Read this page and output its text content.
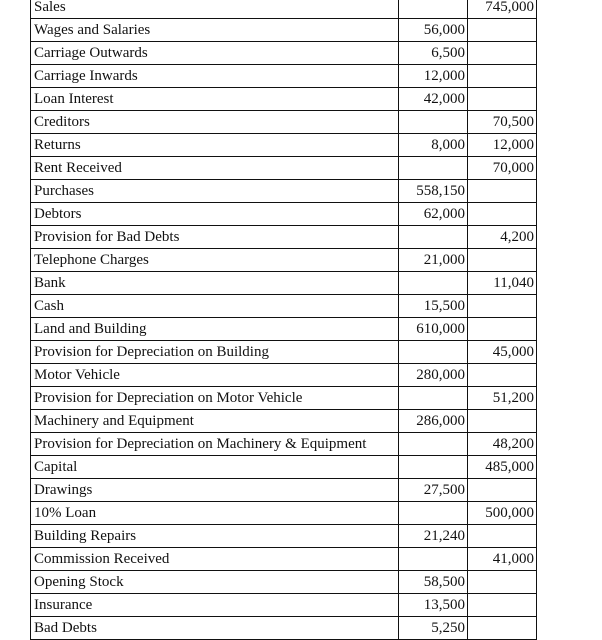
Sales		745,000
Wages and Salaries	56,000	
Carriage Outwards	6,500	
Carriage Inwards	12,000	
Loan Interest	42,000	
Creditors		70,500
Returns	8,000	12,000
Rent Received		70,000
Purchases	558,150	
Debtors	62,000	
Provision for Bad Debts		4,200
Telephone Charges	21,000	
Bank		11,040
Cash	15,500	
Land and Building	610,000	
Provision for Depreciation on Building		45,000
Motor Vehicle	280,000	
Provision for Depreciation on Motor Vehicle		51,200
Machinery and Equipment	286,000	
Provision for Depreciation on Machinery & Equipment		48,200
Capital		485,000
Drawings	27,500	
10% Loan		500,000
Building Repairs	21,240	
Commission Received		41,000
Opening Stock	58,500	
Insurance	13,500	
Bad Debts	5,250	
